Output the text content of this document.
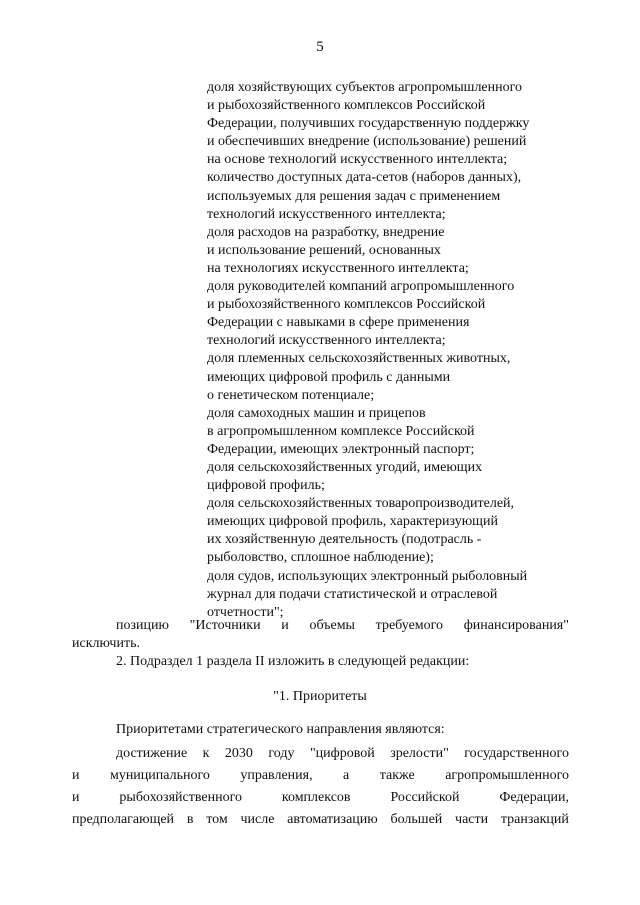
5
доля хозяйствующих субъектов агропромышленного
и рыбохозяйственного комплексов Российской
Федерации, получивших государственную поддержку
и обеспечивших внедрение (использование) решений
на основе технологий искусственного интеллекта;
количество доступных дата-сетов (наборов данных),
используемых для решения задач с применением
технологий искусственного интеллекта;
доля расходов на разработку, внедрение
и использование решений, основанных
на технологиях искусственного интеллекта;
доля руководителей компаний агропромышленного
и рыбохозяйственного комплексов Российской
Федерации с навыками в сфере применения
технологий искусственного интеллекта;
доля племенных сельскохозяйственных животных,
имеющих цифровой профиль с данными
о генетическом потенциале;
доля самоходных машин и прицепов
в агропромышленном комплексе Российской
Федерации, имеющих электронный паспорт;
доля сельскохозяйственных угодий, имеющих
цифровой профиль;
доля сельскохозяйственных товаропроизводителей,
имеющих цифровой профиль, характеризующий
их хозяйственную деятельность (подотрасль -
рыболовство, сплошное наблюдение);
доля судов, использующих электронный рыболовный
журнал для подачи статистической и отраслевой
отчетности";
позицию "Источники и объемы требуемого финансирования"
исключить.
2. Подраздел 1 раздела II изложить в следующей редакции:
"1. Приоритеты
Приоритетами стратегического направления являются:
достижение к 2030 году "цифровой зрелости" государственного
и муниципального управления, а также агропромышленного
и	рыбохозяйственного	комплексов	Российской	Федерации,
предполагающей в том числе автоматизацию большей части транзакций
